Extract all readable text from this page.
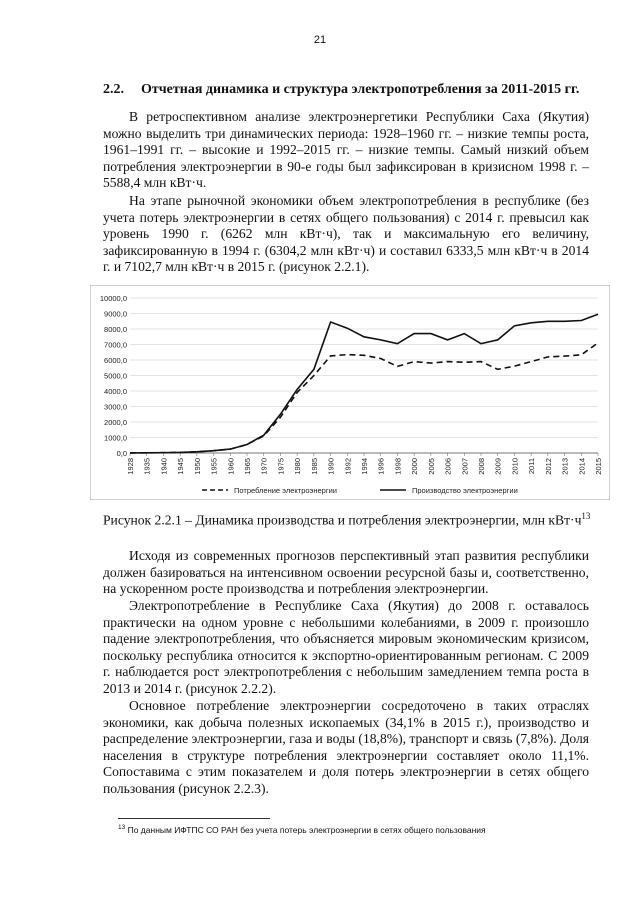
21
2.2. Отчетная динамика и структура электропотребления за 2011-2015 гг.

В ретроспективном анализе электроэнергетики Республики Саха (Якутия) можно выделить три динамических периода: 1928–1960 гг. – низкие темпы роста, 1961–1991 гг. – высокие и 1992–2015 гг. – низкие темпы. Самый низкий объем потребления электроэнергии в 90-е годы был зафиксирован в кризисном 1998 г. – 5588,4 млн кВт·ч.

На этапе рыночной экономики объем электропотребления в республике (без учета потерь электроэнергии в сетях общего пользования) с 2014 г. превысил как уровень 1990 г. (6262 млн кВт·ч), так и максимальную его величину, зафиксированную в 1994 г. (6304,2 млн кВт·ч) и составил 6333,5 млн кВт·ч в 2014 г. и 7102,7 млн кВт·ч в 2015 г. (рисунок 2.2.1).

0,0
1000,0
2000,0
3000,0
4000,0
5000,0
6000,0
7000,0
8000,0
9000,0
10000,0
1928 1935 1940 1945 1950 1955 1960 1965 1970 1975 1980 1985 1990 1992 1994 1996 1998 2000 2005 2006 2007 2008 2009 2010 2011 2012 2013 2014 2015
Потребление электроэнергии	Производство электроэнергии
Рисунок 2.2.1 – Динамика производства и потребления электроэнергии, млн $кВт\cdot ч^{13}$

Исходя из современных прогнозов перспективный этап развития республики должен базироваться на интенсивном освоении ресурсной базы и, соответственно, на ускоренном росте производства и потребления электроэнергии.

Электропотребление в Республике Саха (Якутия) до 2008 г. оставалось практически на одном уровне с небольшими колебаниями, в 2009 г. произошло падение электропотребления, что объясняется мировым экономическим кризисом, поскольку республика относится к экспортно-ориентированным регионам. С 2009 г. наблюдается рост электропотребления с небольшим замедлением темпа роста в 2013 и 2014 г. (рисунок 2.2.2).

Основное потребление электроэнергии сосредоточено в таких отраслях экономики, как добыча полезных ископаемых (34,1% в 2015 г.), производство и распределение электроэнергии, газа и воды (18,8%), транспорт и связь (7,8%). Доля населения в структуре потребления электроэнергии составляет около 11,1%. Сопоставима с этим показателем и доля потерь электроэнергии в сетях общего пользования (рисунок 2.2.3).

$^{13}$ По данным ИФТПС СО РАН без учета потерь электроэнергии в сетях общего пользования
